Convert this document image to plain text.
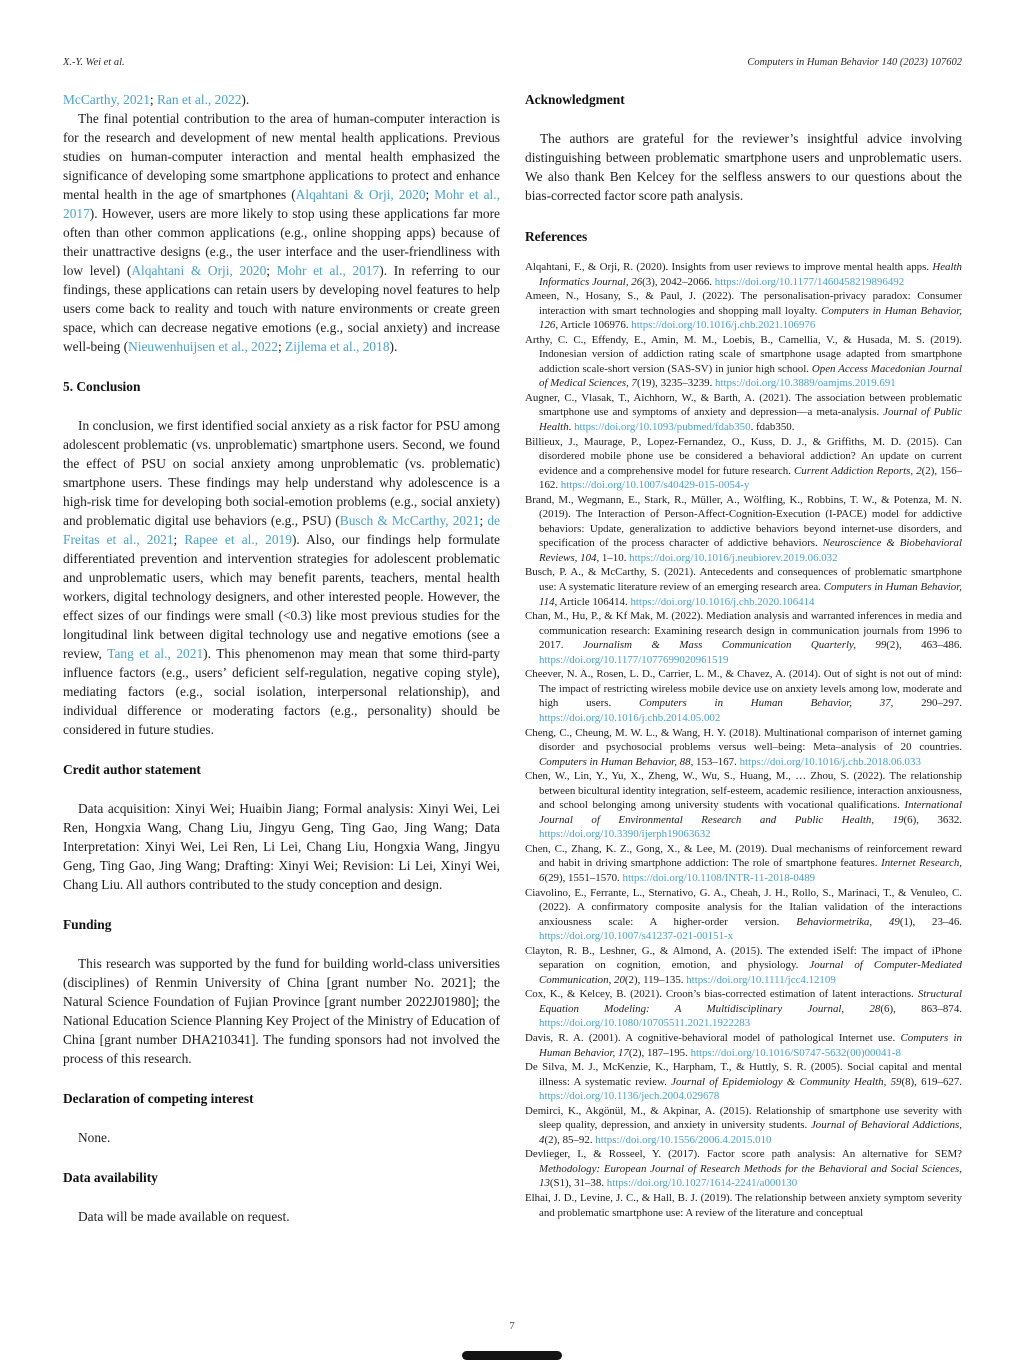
X.-Y. Wei et al.	Computers in Human Behavior 140 (2023) 107602

McCarthy, 2021; Ran et al., 2022).

The final potential contribution to the area of human-computer interaction is for the research and development of new mental health applications. Previous studies on human-computer interaction and mental health emphasized the significance of developing some smartphone applications to protect and enhance mental health in the age of smartphones (Alqahtani & Orji, 2020; Mohr et al., 2017). However, users are more likely to stop using these applications far more often than other common applications (e.g., online shopping apps) because of their unattractive designs (e.g., the user interface and the user-friendliness with low level) (Alqahtani & Orji, 2020; Mohr et al., 2017). In referring to our findings, these applications can retain users by developing novel features to help users come back to reality and touch with nature environments or create green space, which can decrease negative emotions (e.g., social anxiety) and increase well-being (Nieuwenhuijsen et al., 2022; Zijlema et al., 2018).

5. Conclusion

In conclusion, we first identified social anxiety as a risk factor for PSU among adolescent problematic (vs. unproblematic) smartphone users. Second, we found the effect of PSU on social anxiety among unproblematic (vs. problematic) smartphone users. These findings may help understand why adolescence is a high-risk time for developing both social-emotion problems (e.g., social anxiety) and problematic digital use behaviors (e.g., PSU) (Busch & McCarthy, 2021; de Freitas et al., 2021; Rapee et al., 2019). Also, our findings help formulate differentiated prevention and intervention strategies for adolescent problematic and unproblematic users, which may benefit parents, teachers, mental health workers, digital technology designers, and other interested people. However, the effect sizes of our findings were small (<0.3) like most previous studies for the longitudinal link between digital technology use and negative emotions (see a review, Tang et al., 2021). This phenomenon may mean that some third-party influence factors (e.g., users’ deficient self-regulation, negative coping style), mediating factors (e.g., social isolation, interpersonal relationship), and individual difference or moderating factors (e.g., personality) should be considered in future studies.

Credit author statement

Data acquisition: Xinyi Wei; Huaibin Jiang; Formal analysis: Xinyi Wei, Lei Ren, Hongxia Wang, Chang Liu, Jingyu Geng, Ting Gao, Jing Wang; Data Interpretation: Xinyi Wei, Lei Ren, Li Lei, Chang Liu, Hongxia Wang, Jingyu Geng, Ting Gao, Jing Wang; Drafting: Xinyi Wei; Revision: Li Lei, Xinyi Wei, Chang Liu. All authors contributed to the study conception and design.

Funding

This research was supported by the fund for building world-class universities (disciplines) of Renmin University of China [grant number No. 2021]; the Natural Science Foundation of Fujian Province [grant number 2022J01980]; the National Education Science Planning Key Project of the Ministry of Education of China [grant number DHA210341]. The funding sponsors had not involved the process of this research.

Declaration of competing interest

None.

Data availability

Data will be made available on request.

Acknowledgment

The authors are grateful for the reviewer’s insightful advice involving distinguishing between problematic smartphone users and unproblematic users. We also thank Ben Kelcey for the selfless answers to our questions about the bias-corrected factor score path analysis.

References
Alqahtani, F., & Orji, R. (2020). Insights from user reviews to improve mental health apps. Health Informatics Journal, 26(3), 2042–2066. https://doi.org/10.1177/1460458219896492
Ameen, N., Hosany, S., & Paul, J. (2022). The personalisation-privacy paradox: Consumer interaction with smart technologies and shopping mall loyalty. Computers in Human Behavior, 126, Article 106976. https://doi.org/10.1016/j.chb.2021.106976
Arthy, C. C., Effendy, E., Amin, M. M., Loebis, B., Camellia, V., & Husada, M. S. (2019). Indonesian version of addiction rating scale of smartphone usage adapted from smartphone addiction scale-short version (SAS-SV) in junior high school. Open Access Macedonian Journal of Medical Sciences, 7(19), 3235–3239. https://doi.org/10.3889/oamjms.2019.691
Augner, C., Vlasak, T., Aichhorn, W., & Barth, A. (2021). The association between problematic smartphone use and symptoms of anxiety and depression—a meta-analysis. Journal of Public Health. https://doi.org/10.1093/pubmed/fdab350. fdab350.
Billieux, J., Maurage, P., Lopez-Fernandez, O., Kuss, D. J., & Griffiths, M. D. (2015). Can disordered mobile phone use be considered a behavioral addiction? An update on current evidence and a comprehensive model for future research. Current Addiction Reports, 2(2), 156–162. https://doi.org/10.1007/s40429-015-0054-y
Brand, M., Wegmann, E., Stark, R., Müller, A., Wölfling, K., Robbins, T. W., & Potenza, M. N. (2019). The Interaction of Person-Affect-Cognition-Execution (I-PACE) model for addictive behaviors: Update, generalization to addictive behaviors beyond internet-use disorders, and specification of the process character of addictive behaviors. Neuroscience & Biobehavioral Reviews, 104, 1–10. https://doi.org/10.1016/j.neubiorev.2019.06.032
Busch, P. A., & McCarthy, S. (2021). Antecedents and consequences of problematic smartphone use: A systematic literature review of an emerging research area. Computers in Human Behavior, 114, Article 106414. https://doi.org/10.1016/j.chb.2020.106414
Chan, M., Hu, P., & Kf Mak, M. (2022). Mediation analysis and warranted inferences in media and communication research: Examining research design in communication journals from 1996 to 2017. Journalism & Mass Communication Quarterly, 99(2), 463–486. https://doi.org/10.1177/1077699020961519
Cheever, N. A., Rosen, L. D., Carrier, L. M., & Chavez, A. (2014). Out of sight is not out of mind: The impact of restricting wireless mobile device use on anxiety levels among low, moderate and high users. Computers in Human Behavior, 37, 290–297. https://doi.org/10.1016/j.chb.2014.05.002
Cheng, C., Cheung, M. W. L., & Wang, H. Y. (2018). Multinational comparison of internet gaming disorder and psychosocial problems versus well–being: Meta–analysis of 20 countries. Computers in Human Behavior, 88, 153–167. https://doi.org/10.1016/j.chb.2018.06.033
Chen, W., Lin, Y., Yu, X., Zheng, W., Wu, S., Huang, M., … Zhou, S. (2022). The relationship between bicultural identity integration, self-esteem, academic resilience, interaction anxiousness, and school belonging among university students with vocational qualifications. International Journal of Environmental Research and Public Health, 19(6), 3632. https://doi.org/10.3390/ijerph19063632
Chen, C., Zhang, K. Z., Gong, X., & Lee, M. (2019). Dual mechanisms of reinforcement reward and habit in driving smartphone addiction: The role of smartphone features. Internet Research, 6(29), 1551–1570. https://doi.org/10.1108/INTR-11-2018-0489
Ciavolino, E., Ferrante, L., Sternativo, G. A., Cheah, J. H., Rollo, S., Marinaci, T., & Venuleo, C. (2022). A confirmatory composite analysis for the Italian validation of the interactions anxiousness scale: A higher-order version. Behaviormetrika, 49(1), 23–46. https://doi.org/10.1007/s41237-021-00151-x
Clayton, R. B., Leshner, G., & Almond, A. (2015). The extended iSelf: The impact of iPhone separation on cognition, emotion, and physiology. Journal of Computer-Mediated Communication, 20(2), 119–135. https://doi.org/10.1111/jcc4.12109
Cox, K., & Kelcey, B. (2021). Croon’s bias-corrected estimation of latent interactions. Structural Equation Modeling: A Multidisciplinary Journal, 28(6), 863–874. https://doi.org/10.1080/10705511.2021.1922283
Davis, R. A. (2001). A cognitive-behavioral model of pathological Internet use. Computers in Human Behavior, 17(2), 187–195. https://doi.org/10.1016/S0747-5632(00)00041-8
De Silva, M. J., McKenzie, K., Harpham, T., & Huttly, S. R. (2005). Social capital and mental illness: A systematic review. Journal of Epidemiology & Community Health, 59(8), 619–627. https://doi.org/10.1136/jech.2004.029678
Demirci, K., Akgönül, M., & Akpinar, A. (2015). Relationship of smartphone use severity with sleep quality, depression, and anxiety in university students. Journal of Behavioral Addictions, 4(2), 85–92. https://doi.org/10.1556/2006.4.2015.010
Devlieger, I., & Rosseel, Y. (2017). Factor score path analysis: An alternative for SEM? Methodology: European Journal of Research Methods for the Behavioral and Social Sciences, 13(S1), 31–38. https://doi.org/10.1027/1614-2241/a000130
Elhai, J. D., Levine, J. C., & Hall, B. J. (2019). The relationship between anxiety symptom severity and problematic smartphone use: A review of the literature and conceptual
7
